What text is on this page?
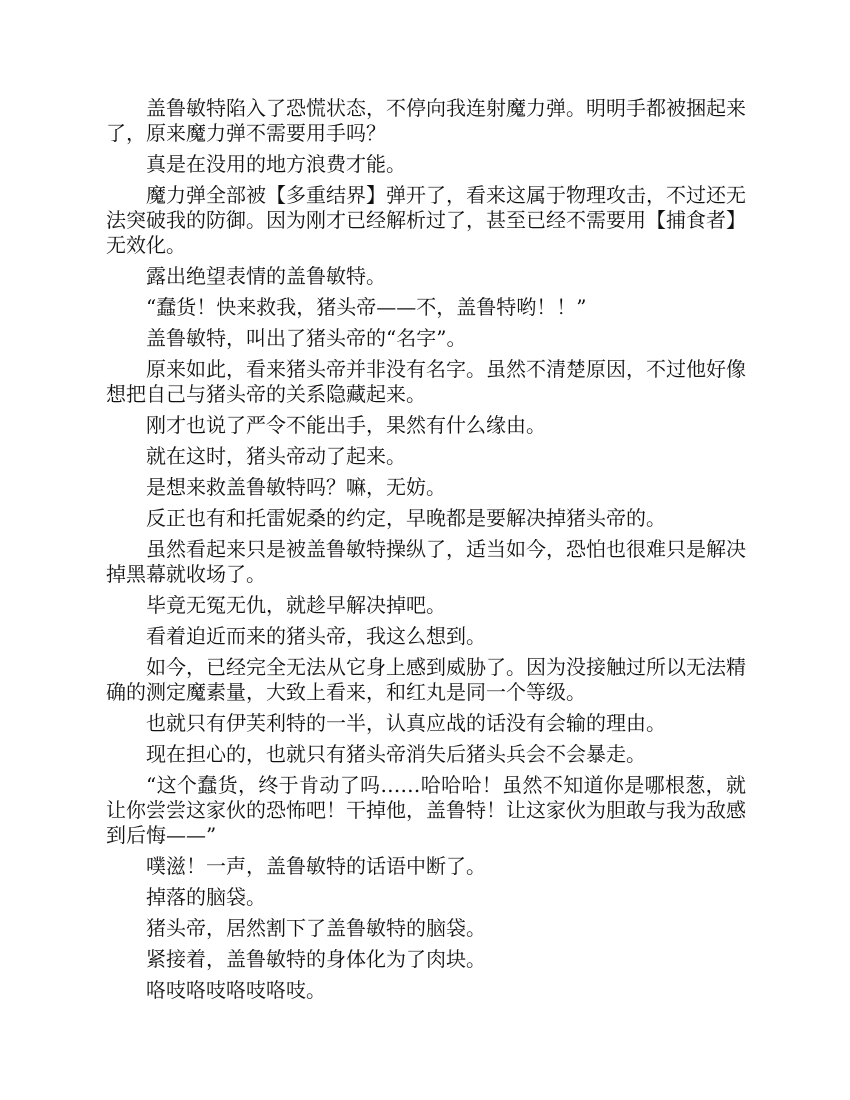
盖鲁敏特陷入了恐慌状态，不停向我连射魔力弹。明明手都被捆起来了，原来魔力弹不需要用手吗？

真是在没用的地方浪费才能。

魔力弹全部被【多重结界】弹开了，看来这属于物理攻击，不过还无法突破我的防御。因为刚才已经解析过了，甚至已经不需要用【捕食者】无效化。

露出绝望表情的盖鲁敏特。

“蠢货！快来救我，猪头帝——不，盖鲁特哟！！”

盖鲁敏特，叫出了猪头帝的“名字”。

原来如此，看来猪头帝并非没有名字。虽然不清楚原因，不过他好像想把自己与猪头帝的关系隐藏起来。

刚才也说了严令不能出手，果然有什么缘由。

就在这时，猪头帝动了起来。

是想来救盖鲁敏特吗？嘛，无妨。

反正也有和托雷妮桑的约定，早晚都是要解决掉猪头帝的。

虽然看起来只是被盖鲁敏特操纵了，适当如今，恐怕也很难只是解决掉黑幕就收场了。

毕竟无冤无仇，就趁早解决掉吧。

看着迫近而来的猪头帝，我这么想到。

如今，已经完全无法从它身上感到威胁了。因为没接触过所以无法精确的测定魔素量，大致上看来，和红丸是同一个等级。

也就只有伊芙利特的一半，认真应战的话没有会输的理由。

现在担心的，也就只有猪头帝消失后猪头兵会不会暴走。

“这个蠢货，终于肯动了吗……哈哈哈！虽然不知道你是哪根葱，就让你尝尝这家伙的恐怖吧！干掉他，盖鲁特！让这家伙为胆敢与我为敌感到后悔——”

噗滋！一声，盖鲁敏特的话语中断了。

掉落的脑袋。

猪头帝，居然割下了盖鲁敏特的脑袋。

紧接着，盖鲁敏特的身体化为了肉块。

咯吱咯吱咯吱咯吱。
